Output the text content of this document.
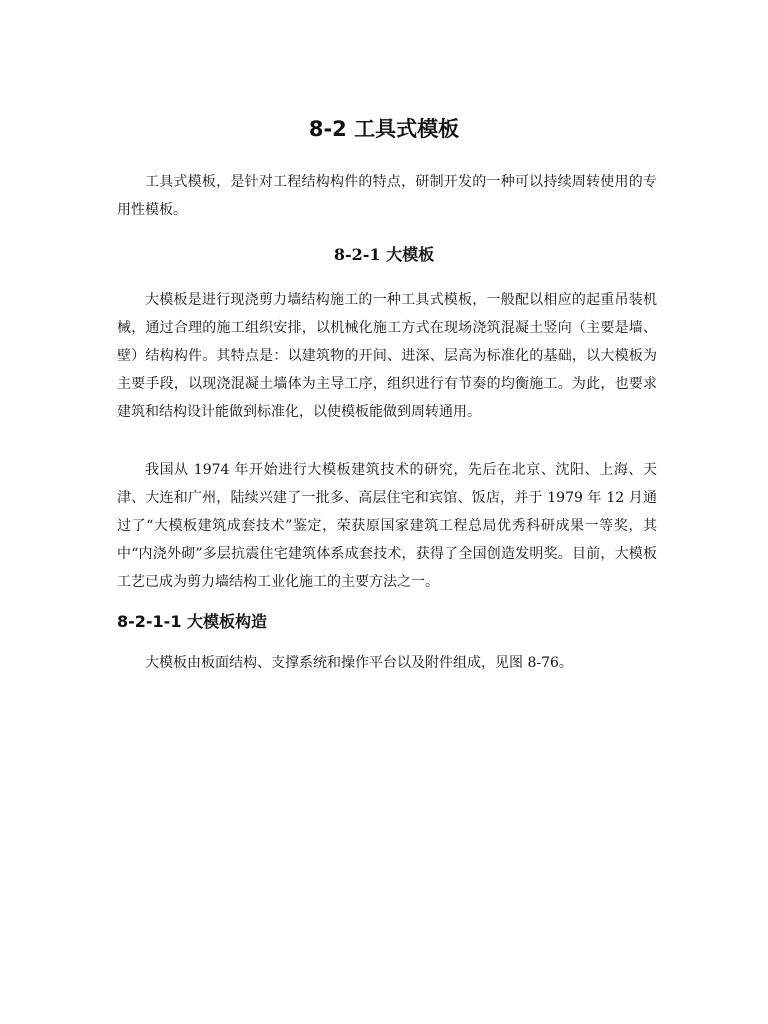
8-2 工具式模板

工具式模板，是针对工程结构构件的特点，研制开发的一种可以持续周转使用的专用性模板。

8-2-1 大模板

大模板是进行现浇剪力墙结构施工的一种工具式模板，一般配以相应的起重吊装机械，通过合理的施工组织安排，以机械化施工方式在现场浇筑混凝土竖向（主要是墙、壁）结构构件。其特点是：以建筑物的开间、进深、层高为标准化的基础，以大模板为主要手段，以现浇混凝土墙体为主导工序，组织进行有节奏的均衡施工。为此，也要求建筑和结构设计能做到标准化，以使模板能做到周转通用。

我国从 1974 年开始进行大模板建筑技术的研究，先后在北京、沈阳、上海、天津、大连和广州，陆续兴建了一批多、高层住宅和宾馆、饭店，并于 1979 年 12 月通过了“大模板建筑成套技术”鉴定，荣获原国家建筑工程总局优秀科研成果一等奖，其中“内浇外砌”多层抗震住宅建筑体系成套技术，获得了全国创造发明奖。目前，大模板工艺已成为剪力墙结构工业化施工的主要方法之一。

8-2-1-1 大模板构造

大模板由板面结构、支撑系统和操作平台以及附件组成，见图 8-76。
